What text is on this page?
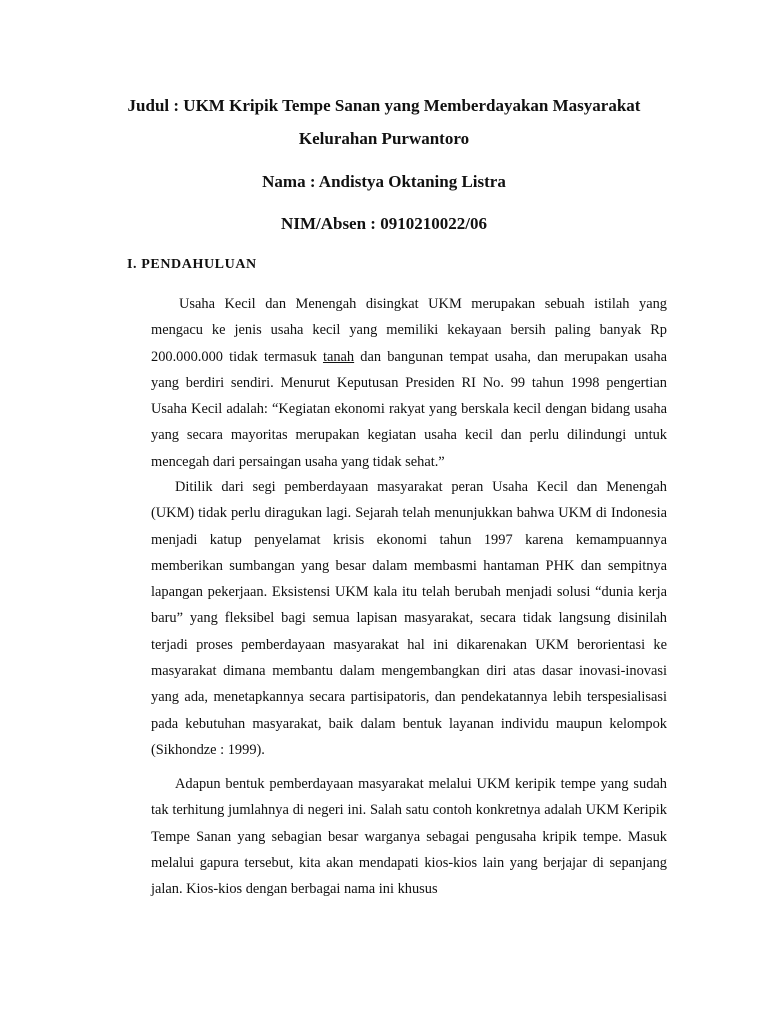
Judul : UKM Kripik Tempe Sanan yang Memberdayakan Masyarakat
Kelurahan Purwantoro
Nama : Andistya Oktaning Listra
NIM/Absen : 0910210022/06
I. PENDAHULUAN

Usaha Kecil dan Menengah disingkat UKM merupakan sebuah istilah yang mengacu ke jenis usaha kecil yang memiliki kekayaan bersih paling banyak Rp 200.000.000 tidak termasuk tanah dan bangunan tempat usaha, dan merupakan usaha yang berdiri sendiri. Menurut Keputusan Presiden RI No. 99 tahun 1998 pengertian Usaha Kecil adalah: “Kegiatan ekonomi rakyat yang berskala kecil dengan bidang usaha yang secara mayoritas merupakan kegiatan usaha kecil dan perlu dilindungi untuk mencegah dari persaingan usaha yang tidak sehat.”

Ditilik dari segi pemberdayaan masyarakat peran Usaha Kecil dan Menengah (UKM) tidak perlu diragukan lagi. Sejarah telah menunjukkan bahwa UKM di Indonesia menjadi katup penyelamat krisis ekonomi tahun 1997 karena kemampuannya memberikan sumbangan yang besar dalam membasmi hantaman PHK dan sempitnya lapangan pekerjaan. Eksistensi UKM kala itu telah berubah menjadi solusi “dunia kerja baru” yang fleksibel bagi semua lapisan masyarakat, secara tidak langsung disinilah terjadi proses pemberdayaan masyarakat hal ini dikarenakan UKM berorientasi ke masyarakat dimana membantu dalam mengembangkan diri atas dasar inovasi-inovasi yang ada, menetapkannya secara partisipatoris, dan pendekatannya lebih terspesialisasi pada kebutuhan masyarakat, baik dalam bentuk layanan individu maupun kelompok (Sikhondze : 1999).

Adapun bentuk pemberdayaan masyarakat melalui UKM keripik tempe yang sudah tak terhitung jumlahnya di negeri ini. Salah satu contoh konkretnya adalah UKM Keripik Tempe Sanan yang sebagian besar warganya sebagai pengusaha kripik tempe. Masuk melalui gapura tersebut, kita akan mendapati kios-kios lain yang berjajar di sepanjang jalan. Kios-kios dengan berbagai nama ini khusus
